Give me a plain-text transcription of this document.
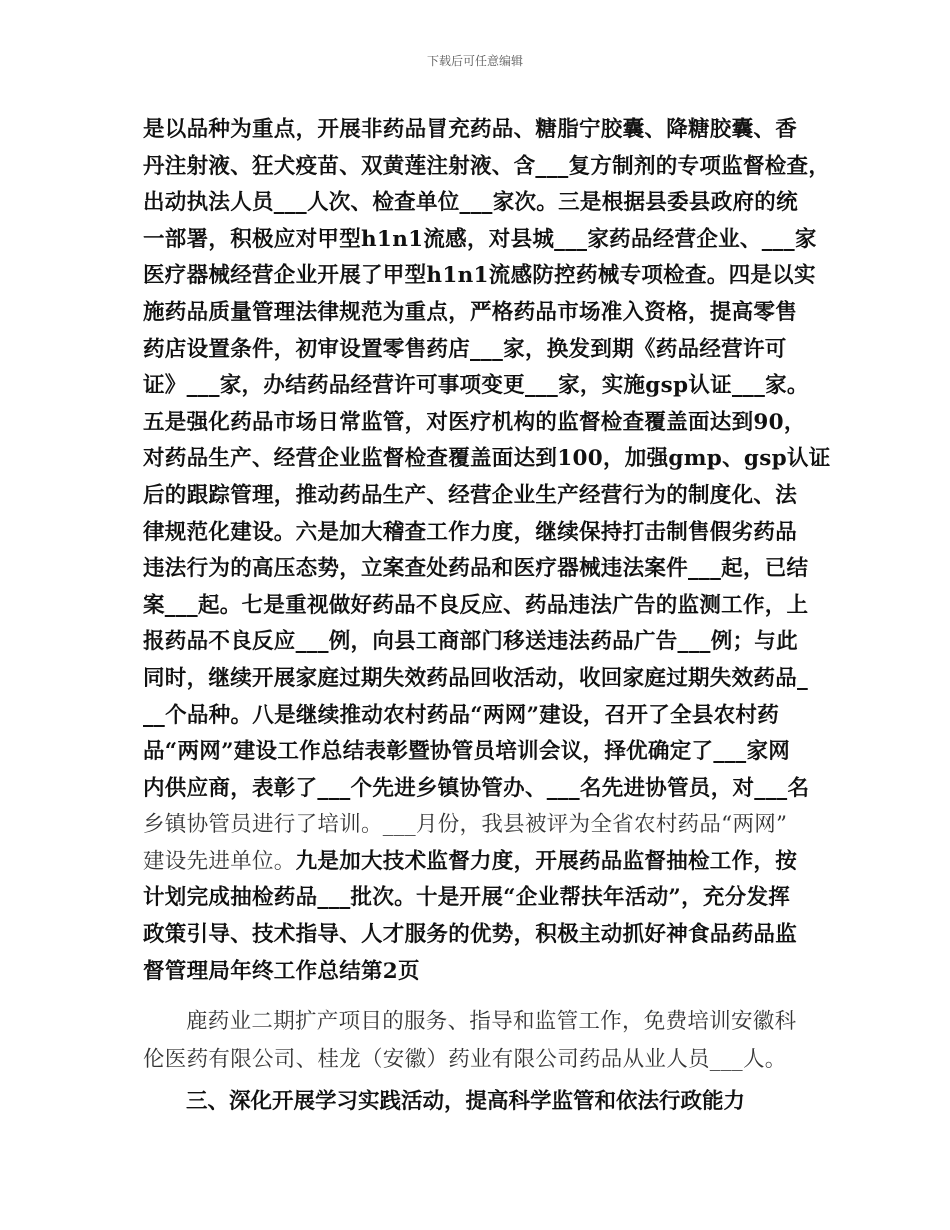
下载后可任意编辑
是以品种为重点，开展非药品冒充药品、糖脂宁胶囊、降糖胶囊、香
丹注射液、狂犬疫苗、双黄莲注射液、含___复方制剂的专项监督检查，
出动执法人员___人次、检查单位___家次。三是根据县委县政府的统
一部署，积极应对甲型h1n1流感，对县城___家药品经营企业、___家
医疗器械经营企业开展了甲型h1n1流感防控药械专项检查。四是以实
施药品质量管理法律规范为重点，严格药品市场准入资格，提高零售
药店设置条件，初审设置零售药店___家，换发到期《药品经营许可
证》___家，办结药品经营许可事项变更___家，实施gsp认证___家。
五是强化药品市场日常监管，对医疗机构的监督检查覆盖面达到90，
对药品生产、经营企业监督检查覆盖面达到100，加强gmp、gsp认证
后的跟踪管理，推动药品生产、经营企业生产经营行为的制度化、法
律规范化建设。六是加大稽查工作力度，继续保持打击制售假劣药品
违法行为的高压态势，立案查处药品和医疗器械违法案件___起，已结
案___起。七是重视做好药品不良反应、药品违法广告的监测工作，上
报药品不良反应___例，向县工商部门移送违法药品广告___例；与此
同时，继续开展家庭过期失效药品回收活动，收回家庭过期失效药品_
__个品种。八是继续推动农村药品“两网”建设，召开了全县农村药
品“两网”建设工作总结表彰暨协管员培训会议，择优确定了___家网
内供应商，表彰了___个先进乡镇协管办、___名先进协管员，对___名
乡镇协管员进行了培训。___月份，我县被评为全省农村药品“两网”
建设先进单位。九是加大技术监督力度，开展药品监督抽检工作，按
计划完成抽检药品___批次。十是开展“企业帮扶年活动”，充分发挥
政策引导、技术指导、人才服务的优势，积极主动抓好神食品药品监
督管理局年终工作总结第2页
鹿药业二期扩产项目的服务、指导和监管工作，免费培训安徽科
伦医药有限公司、桂龙（安徽）药业有限公司药品从业人员___人。
三、深化开展学习实践活动，提高科学监管和依法行政能力
